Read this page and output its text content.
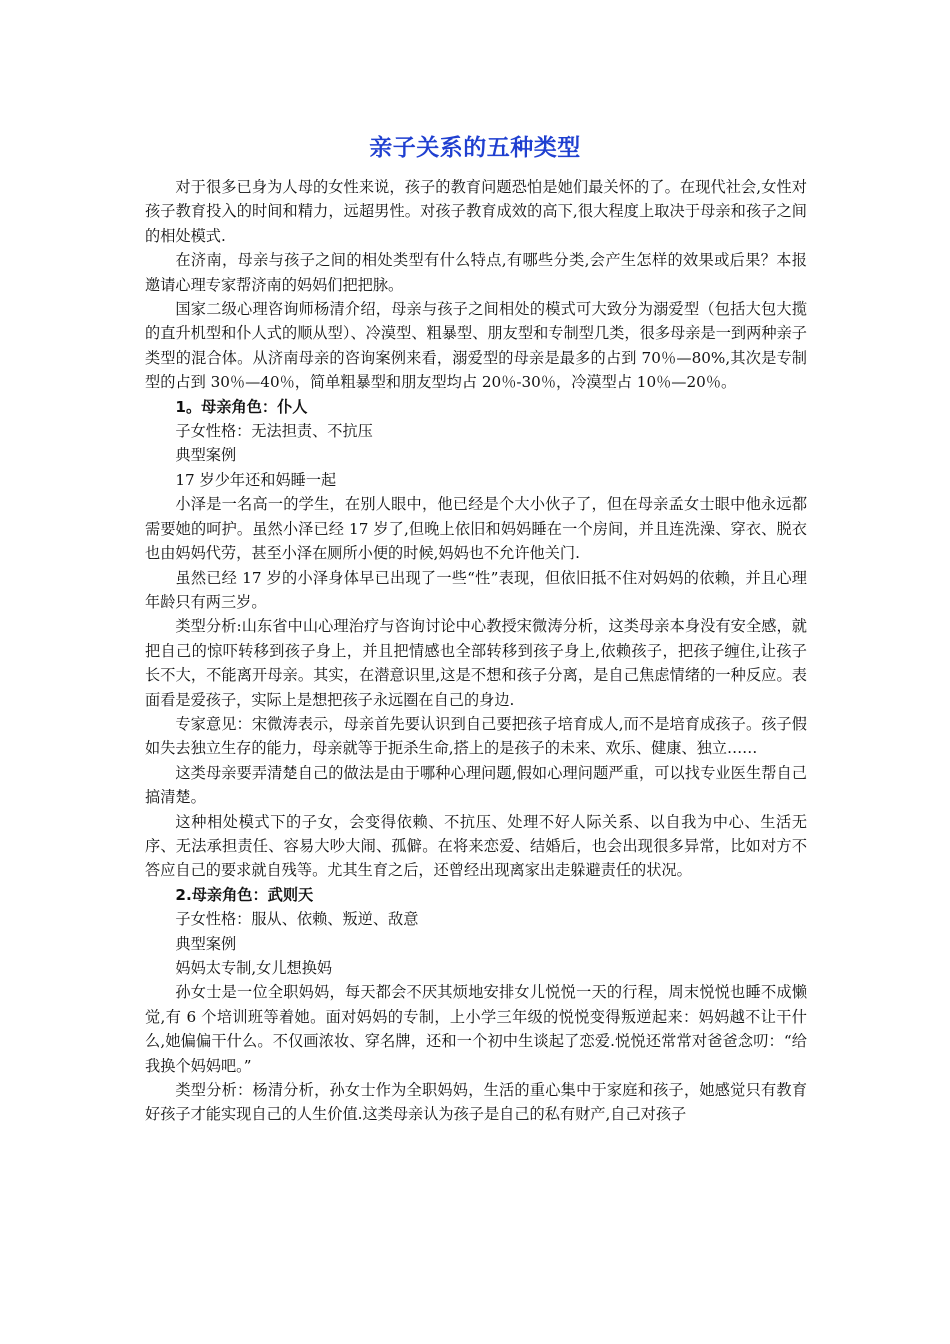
亲子关系的五种类型

对于很多已身为人母的女性来说，孩子的教育问题恐怕是她们最关怀的了。在现代社会,女性对孩子教育投入的时间和精力，远超男性。对孩子教育成效的高下,很大程度上取决于母亲和孩子之间的相处模式.

在济南，母亲与孩子之间的相处类型有什么特点,有哪些分类,会产生怎样的效果或后果？本报邀请心理专家帮济南的妈妈们把把脉。

国家二级心理咨询师杨清介绍，母亲与孩子之间相处的模式可大致分为溺爱型（包括大包大揽的直升机型和仆人式的顺从型）、冷漠型、粗暴型、朋友型和专制型几类，很多母亲是一到两种亲子类型的混合体。从济南母亲的咨询案例来看，溺爱型的母亲是最多的占到 70％—80%,其次是专制型的占到 30％—40％，简单粗暴型和朋友型均占 20％-30％，冷漠型占 10％—20％。

1。母亲角色：仆人

子女性格：无法担责、不抗压

典型案例

17 岁少年还和妈睡一起

小泽是一名高一的学生，在别人眼中，他已经是个大小伙子了，但在母亲孟女士眼中他永远都需要她的呵护。虽然小泽已经 17 岁了,但晚上依旧和妈妈睡在一个房间，并且连洗澡、穿衣、脱衣也由妈妈代劳，甚至小泽在厕所小便的时候,妈妈也不允许他关门.

虽然已经 17 岁的小泽身体早已出现了一些“性”表现，但依旧抵不住对妈妈的依赖，并且心理年龄只有两三岁。

类型分析:山东省中山心理治疗与咨询讨论中心教授宋微涛分析，这类母亲本身没有安全感，就把自己的惊吓转移到孩子身上，并且把情感也全部转移到孩子身上,依赖孩子，把孩子缠住,让孩子长不大，不能离开母亲。其实，在潜意识里,这是不想和孩子分离，是自己焦虑情绪的一种反应。表面看是爱孩子，实际上是想把孩子永远圈在自己的身边.

专家意见：宋微涛表示，母亲首先要认识到自己要把孩子培育成人,而不是培育成孩子。孩子假如失去独立生存的能力，母亲就等于扼杀生命,搭上的是孩子的未来、欢乐、健康、独立……

这类母亲要弄清楚自己的做法是由于哪种心理问题,假如心理问题严重，可以找专业医生帮自己搞清楚。

这种相处模式下的子女，会变得依赖、不抗压、处理不好人际关系、以自我为中心、生活无序、无法承担责任、容易大吵大闹、孤僻。在将来恋爱、结婚后，也会出现很多异常，比如对方不答应自己的要求就自残等。尤其生育之后，还曾经出现离家出走躲避责任的状况。

2.母亲角色：武则天

子女性格：服从、依赖、叛逆、敌意

典型案例

妈妈太专制,女儿想换妈

孙女士是一位全职妈妈，每天都会不厌其烦地安排女儿悦悦一天的行程，周末悦悦也睡不成懒觉,有 6 个培训班等着她。面对妈妈的专制，上小学三年级的悦悦变得叛逆起来：妈妈越不让干什么,她偏偏干什么。不仅画浓妆、穿名牌，还和一个初中生谈起了恋爱.悦悦还常常对爸爸念叨：“给我换个妈妈吧。”

类型分析：杨清分析，孙女士作为全职妈妈，生活的重心集中于家庭和孩子，她感觉只有教育好孩子才能实现自己的人生价值.这类母亲认为孩子是自己的私有财产,自己对孩子
